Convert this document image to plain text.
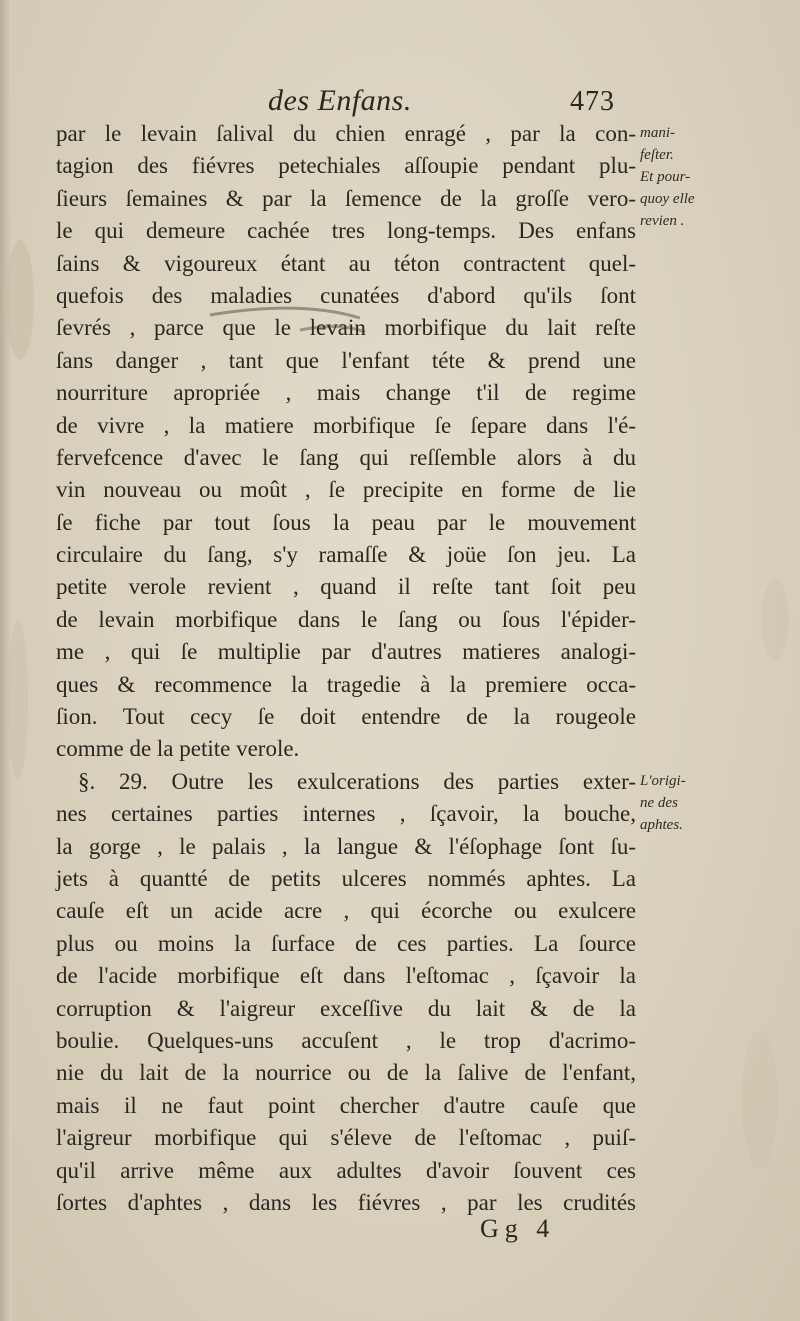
des Enfans.	473
par le levain ſalival du chien enragé , par la con-
tagion des fiévres petechiales aſſoupie pendant plu-
ſieurs ſemaines & par la ſemence de la groſſe vero-
le qui demeure cachée tres long-temps. Des enfans
ſains & vigoureux étant au téton contractent quel-
quefois des maladies cunatées d'abord qu'ils ſont
ſevrés , parce que le levain morbifique du lait reſte
ſans danger , tant que l'enfant téte & prend une
nourriture apropriée , mais change t'il de regime
de vivre , la matiere morbifique ſe ſepare dans l'é-
fervefcence d'avec le ſang qui reſſemble alors à du
vin nouveau ou moût , ſe precipite en forme de lie
ſe fiche par tout ſous la peau par le mouvement
circulaire du ſang, s'y ramaſſe & joüe ſon jeu. La
petite verole revient , quand il reſte tant ſoit peu
de levain morbifique dans le ſang ou ſous l'épider-
me , qui ſe multiplie par d'autres matieres analogi-
ques & recommence la tragedie à la premiere occa-
ſion. Tout cecy ſe doit entendre de la rougeole
comme de la petite verole.
§. 29. Outre les exulcerations des parties exter-
nes certaines parties internes , ſçavoir, la bouche,
la gorge , le palais , la langue & l'éſophage ſont ſu-
jets à quantté de petits ulceres nommés aphtes. La
cauſe eſt un acide acre , qui écorche ou exulcere
plus ou moins la ſurface de ces parties. La ſource
de l'acide morbifique eſt dans l'eſtomac , ſçavoir la
corruption & l'aigreur exceſſive du lait & de la
boulie. Quelques-uns accuſent , le trop d'acrimo-
nie du lait de la nourrice ou de la ſalive de l'enfant,
mais il ne faut point chercher d'autre cauſe que
l'aigreur morbifique qui s'éleve de l'eſtomac , puiſ-
qu'il arrive même aux adultes d'avoir ſouvent ces
ſortes d'aphtes , dans les fiévres , par les crudités
mani-
feſter.
Et pour-
quoy elle
revien .
L'origi-
ne des
aphtes.
Gg 4
